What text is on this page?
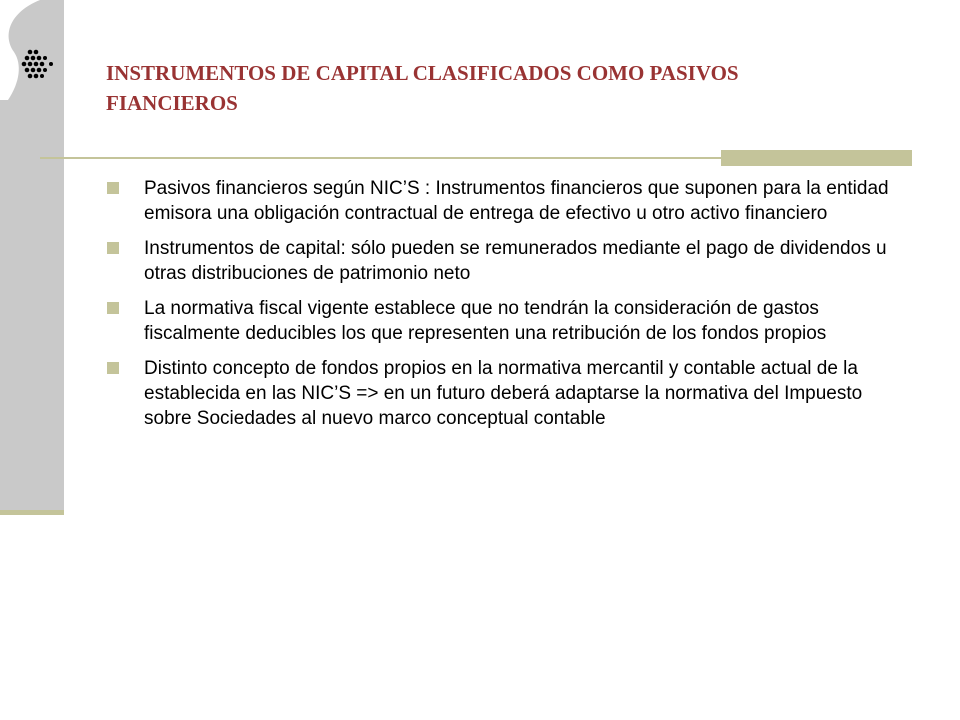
INSTRUMENTOS DE CAPITAL CLASIFICADOS COMO PASIVOS
FIANCIEROS
Pasivos financieros según NIC’S : Instrumentos financieros que suponen para la entidad emisora una obligación contractual de entrega de efectivo u otro activo financiero
Instrumentos de capital: sólo pueden se remunerados mediante el pago de dividendos u otras distribuciones de patrimonio neto
La normativa fiscal vigente establece que no tendrán la consideración de gastos fiscalmente deducibles los que representen una retribución de los fondos propios
Distinto concepto de fondos propios en la normativa mercantil y contable actual de la establecida en las NIC’S => en un futuro deberá adaptarse la normativa del Impuesto sobre Sociedades al nuevo marco conceptual contable
